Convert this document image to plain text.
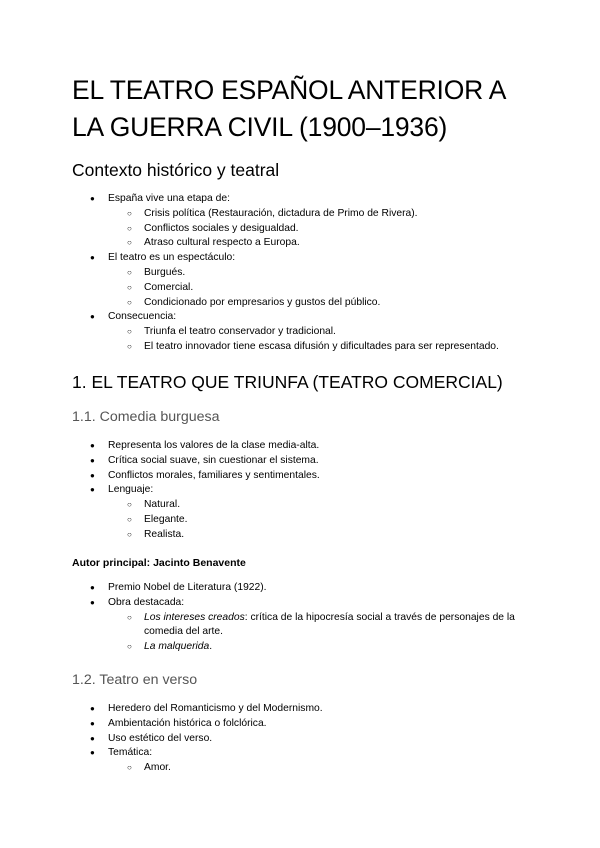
EL TEATRO ESPAÑOL ANTERIOR A LA GUERRA CIVIL (1900–1936)
Contexto histórico y teatral
● España vive una etapa de:
○ Crisis política (Restauración, dictadura de Primo de Rivera).
○ Conflictos sociales y desigualdad.
○ Atraso cultural respecto a Europa.
● El teatro es un espectáculo:
○ Burgués.
○ Comercial.
○ Condicionado por empresarios y gustos del público.
● Consecuencia:
○ Triunfa el teatro conservador y tradicional.
○ El teatro innovador tiene escasa difusión y dificultades para ser representado.
1. EL TEATRO QUE TRIUNFA (TEATRO COMERCIAL)
1.1. Comedia burguesa
● Representa los valores de la clase media-alta.
● Crítica social suave, sin cuestionar el sistema.
● Conflictos morales, familiares y sentimentales.
● Lenguaje:
○ Natural.
○ Elegante.
○ Realista.

Autor principal: Jacinto Benavente

● Premio Nobel de Literatura (1922).
● Obra destacada:
○ Los intereses creados: crítica de la hipocresía social a través de personajes de la comedia del arte.
○ La malquerida.
1.2. Teatro en verso
● Heredero del Romanticismo y del Modernismo.
● Ambientación histórica o folclórica.
● Uso estético del verso.
● Temática:
○ Amor.
